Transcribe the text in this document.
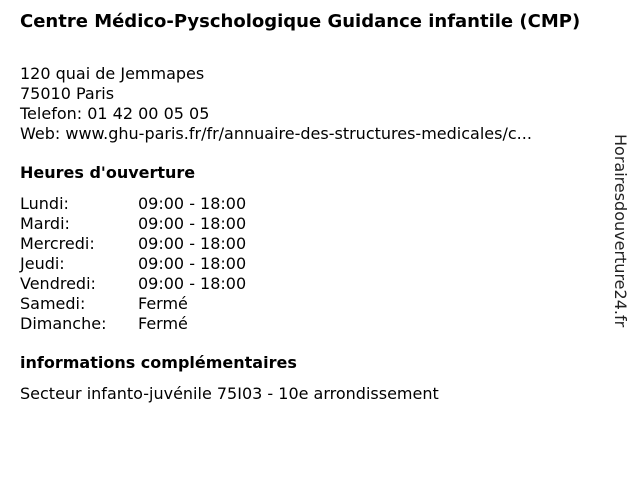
Centre Médico-Pyschologique Guidance infantile (CMP)
120 quai de Jemmapes
75010 Paris
Telefon: 01 42 00 05 05
Web: www.ghu-paris.fr/fr/annuaire-des-structures-medicales/c...
Heures d'ouverture
Lundi:	09:00 - 18:00
Mardi:	09:00 - 18:00
Mercredi:	09:00 - 18:00
Jeudi:	09:00 - 18:00
Vendredi:	09:00 - 18:00
Samedi:	Fermé
Dimanche:	Fermé
informations complémentaires
Secteur infanto-juvénile 75I03 - 10e arrondissement
Horairesdouverture24.fr
